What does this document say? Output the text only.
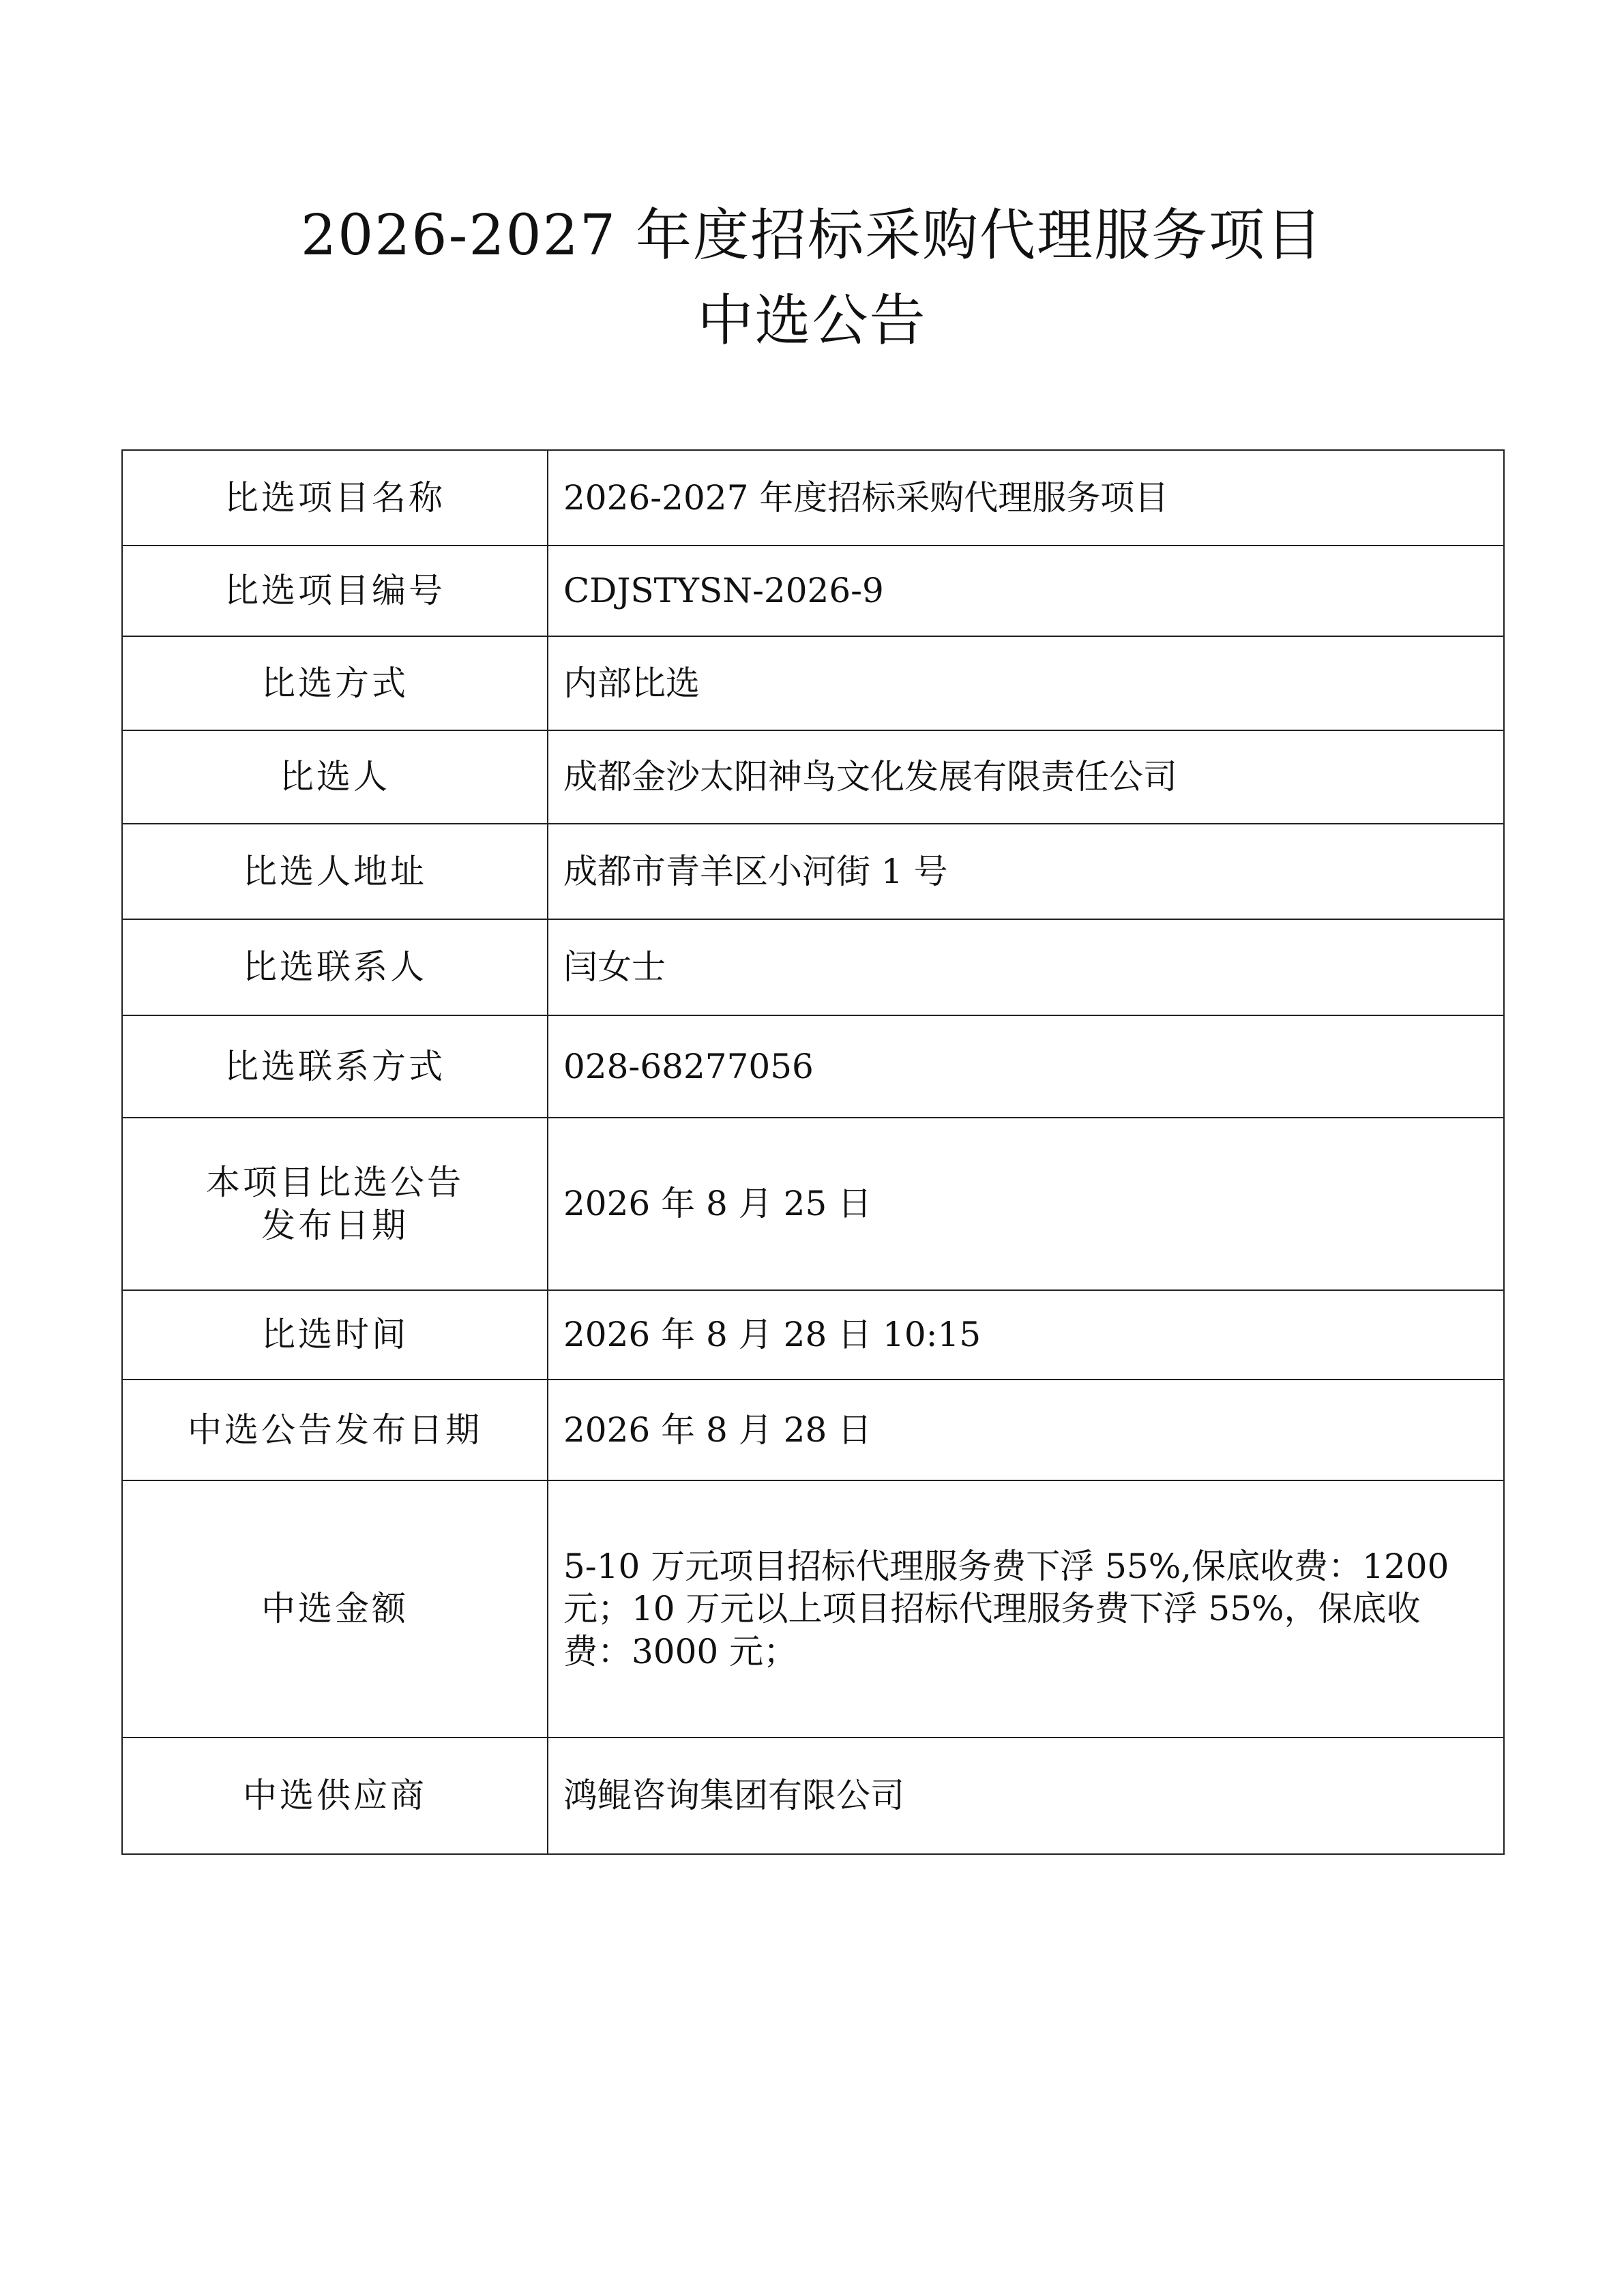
2026-2027 年度招标采购代理服务项目
中选公告
比选项目名称	2026-2027 年度招标采购代理服务项目
比选项目编号	CDJSTYSN-2026-9
比选方式	内部比选
比选人	成都金沙太阳神鸟文化发展有限责任公司
比选人地址	成都市青羊区小河街 1 号
比选联系人	闫女士
比选联系方式	028-68277056

本项目比选公告
发布日期	2026 年 8 月 25 日
比选时间	2026 年 8 月 28 日 10:15
中选公告发布日期	2026 年 8 月 28 日
中选金额	5-10 万元项目招标代理服务费下浮 55%,保底收费：1200
元；10 万元以上项目招标代理服务费下浮 55%，保底收
费：3000 元；

中选供应商	鸿鲲咨询集团有限公司
